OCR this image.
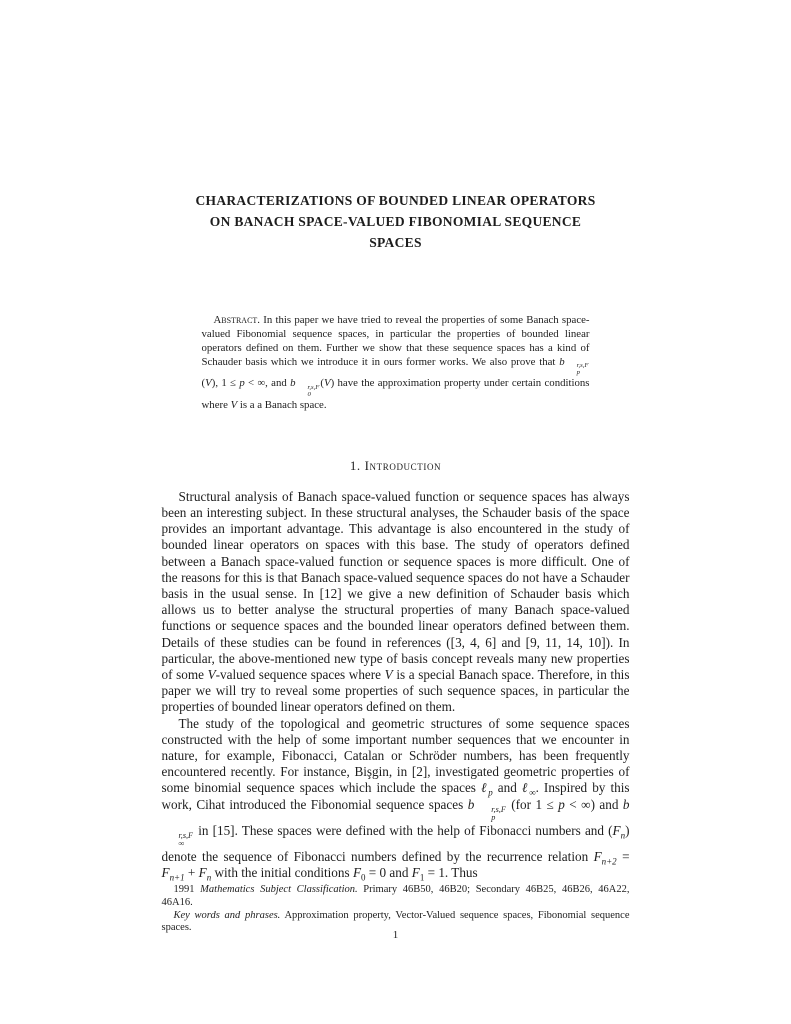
CHARACTERIZATIONS OF BOUNDED LINEAR OPERATORS
ON BANACH SPACE-VALUED FIBONOMIAL SEQUENCE
SPACES
Abstract. In this paper we have tried to reveal the properties of some Banach space-valued Fibonomial sequence spaces, in particular the properties of bounded linear operators defined on them. Further we show that these sequence spaces has a kind of Schauder basis which we introduce it in ours former works. We also prove that b	r,s,F
p
(V), 1 ≤ p < ∞, and b	r,s,F
0
(V) have the approximation property under certain conditions where V is a a Banach space.
1. Introduction

Structural analysis of Banach space-valued function or sequence spaces has always been an interesting subject. In these structural analyses, the Schauder basis of the space provides an important advantage. This advantage is also encountered in the study of bounded linear operators on spaces with this base. The study of operators defined between a Banach space-valued function or sequence spaces is more difficult. One of the reasons for this is that Banach space-valued sequence spaces do not have a Schauder basis in the usual sense. In [12] we give a new definition of Schauder basis which allows us to better analyse the structural properties of many Banach space-valued functions or sequence spaces and the bounded linear operators defined between them. Details of these studies can be found in references ([3, 4, 6] and [9, 11, 14, 10]). In particular, the above-mentioned new type of basis concept reveals many new properties of some V-valued sequence spaces where V is a special Banach space. Therefore, in this paper we will try to reveal some properties of such sequence spaces, in particular the properties of bounded linear operators defined on them.

The study of the topological and geometric structures of some sequence spaces constructed with the help of some important number sequences that we encounter in nature, for example, Fibonacci, Catalan or Schröder numbers, has been frequently encountered recently. For instance, Bişgin, in [2], investigated geometric properties of some binomial sequence spaces which include the spaces ℓ$_p$ and ℓ$_\infty$. Inspired by this work, Cihat introduced the Fibonomial sequence spaces b	r,s,F
p
(for 1 ≤ p < ∞) and b
r,s,F
∞
in [15]. These spaces were defined with the help of Fibonacci numbers and $(F_n)$ denote the sequence of Fibonacci numbers defined by the recurrence relation $F_{n+2} = F_{n+1} + F_n$ with the initial conditions $F_0 = 0$ and $F_1 = 1$. Thus

1991 Mathematics Subject Classification. Primary 46B50, 46B20; Secondary 46B25, 46B26, 46A22, 46A16.

Key words and phrases. Approximation property, Vector-Valued sequence spaces, Fibonomial sequence spaces.

1
